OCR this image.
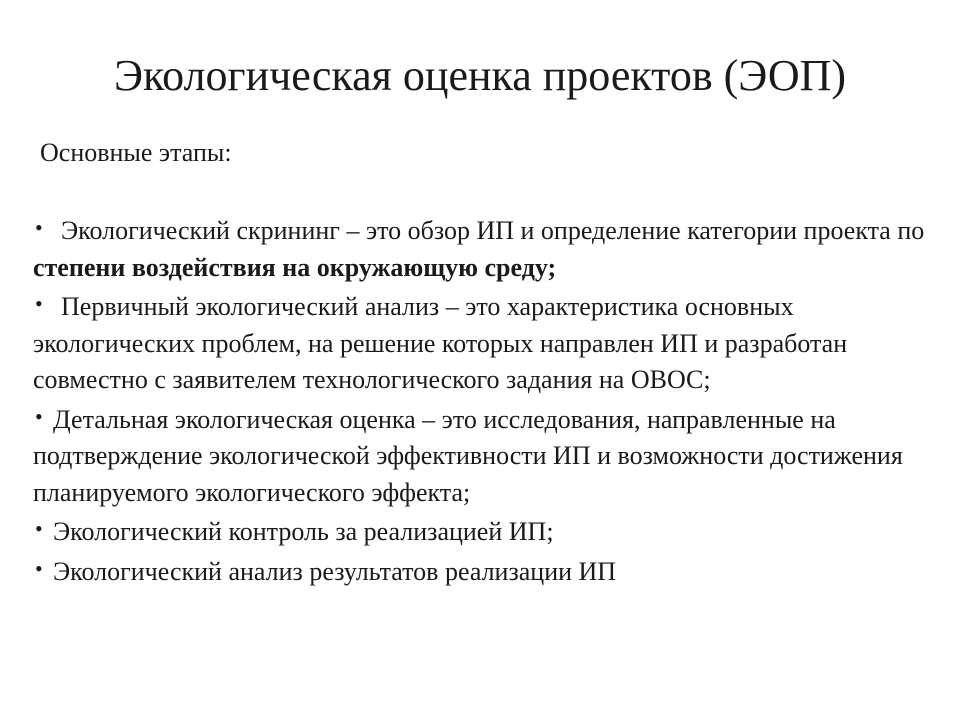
Экологическая оценка проектов (ЭОП)

Основные этапы:

• Экологический скрининг – это обзор ИП и определение категории проекта по степени воздействия на окружающую среду;
• Первичный экологический анализ – это характеристика основных экологических проблем, на решение которых направлен ИП и разработан совместно с заявителем технологического задания на ОВОС;
• Детальная экологическая оценка – это исследования, направленные на подтверждение экологической эффективности ИП и возможности достижения планируемого экологического эффекта;
• Экологический контроль за реализацией ИП;
• Экологический анализ результатов реализации ИП
